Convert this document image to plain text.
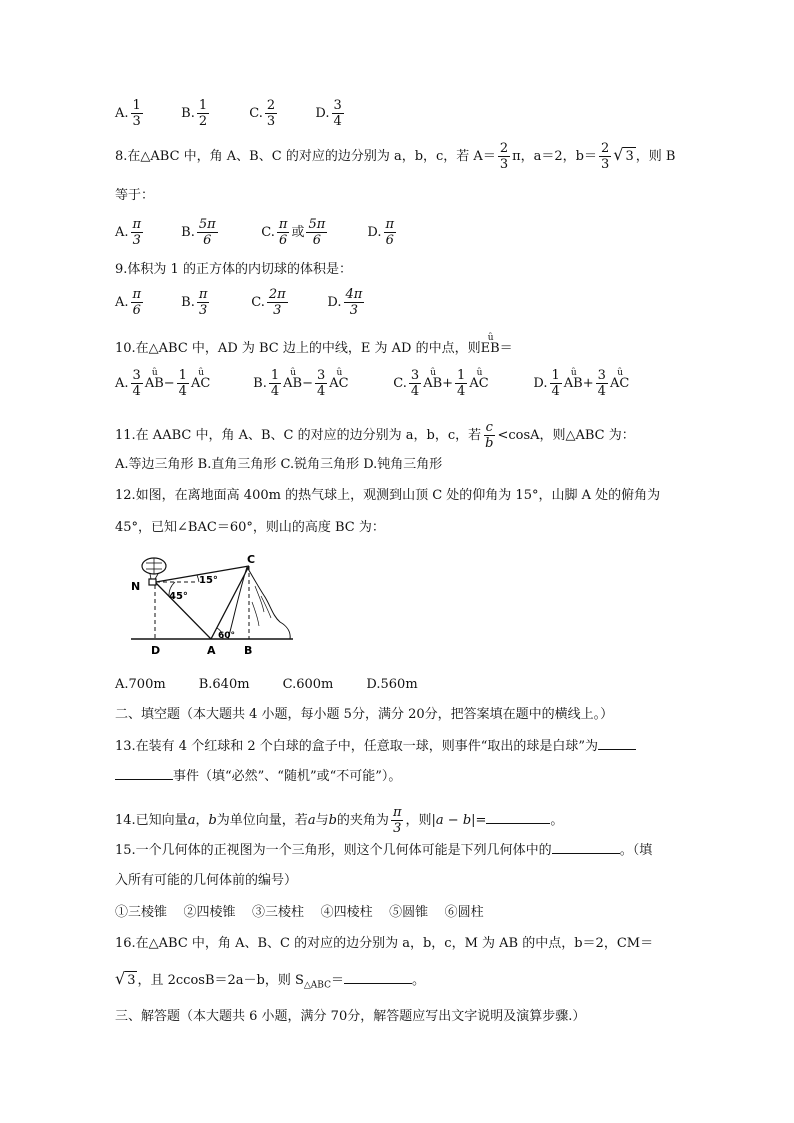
A. $\frac{1}{3}$	B. $\frac{1}{2}$	C. $\frac{2}{3}$	D. $\frac{3}{4}$
8.在△ABC 中，角 A、B、C 的对应的边分别为 a，b，c，若 $A= \frac{2}{3}$ π，a＝2，$b= \frac{2}{3}$ √ 3 ，则 B
等于：
A. $\frac{\pi}{3}$	B. $\frac{5\pi}{6}$	C. $\frac{\pi}{6}$ 或 $\frac{5\pi}{6}$	D. $\frac{\pi}{6}$
9.体积为 1 的正方体的内切球的体积是：
A. $\frac{\pi}{6}$	B. $\frac{\pi}{3}$	C. $\frac{2\pi}{3}$	D. $\frac{4\pi}{3}$
10.在△ABC 中，AD 为 BC 边上的中线，E 为 AD 的中点，则ȗ EB＝
A. $\frac{3}{4}$ ȗ $AB- \frac{1}{4}$ ȗ AC	B. $\frac{1}{4}$ ȗ $AB- \frac{3}{4}$ ȗ AC	C. $\frac{3}{4}$ ȗ $AB+ \frac{1}{4}$ ȗ AC	D. $\frac{1}{4}$ ȗ $AB+ \frac{3}{4}$ ȗ AC
11.在 AABC 中，角 A、B、C 的对应的边分别为 a，b，c，若 $\frac{c}{b} <\cos A$，则△ABC 为：
A.等边三角形 B.直角三角形 C.锐角三角形 D.钝角三角形
12.如图，在离地面高 400m 的热气球上，观测到山顶 C 处的仰角为 15°，山脚 A 处的俯角为
45°，已知∠BAC＝60°，则山的高度 BC 为：
N
C
D	A	B
15°
45°
60°
A.700m        B.640m        C.600m        D.560m
二、填空题（本大题共 4 小题，每小题 5分，满分 20分，把答案填在题中的横线上。）
13.在装有 4 个红球和 2 个白球的盒子中，任意取一球，则事件“取出的球是白球”为
事件（填“必然”、“随机”或“不可能”）。
14.已知向量a，b为单位向量，若a与b的夹角为 $\frac{\pi}{3}$ ，则|a − b|=	。
15.一个几何体的正视图为一个三角形，则这个几何体可能是下列几何体中的	。（填
入所有可能的几何体前的编号）
①三棱锥    ②四棱锥    ③三棱柱    ④四棱柱    ⑤圆锥    ⑥圆柱
16.在△ABC 中，角 A、B、C 的对应的边分别为 a，b，c，M 为 AB 的中点，b＝2，CM＝
√ 3 ，且 2ccosB＝2a－b，则 $S_{\triangle ABC}=$	。
三、解答题（本大题共 6 小题，满分 70分，解答题应写出文字说明及演算步骤.）
